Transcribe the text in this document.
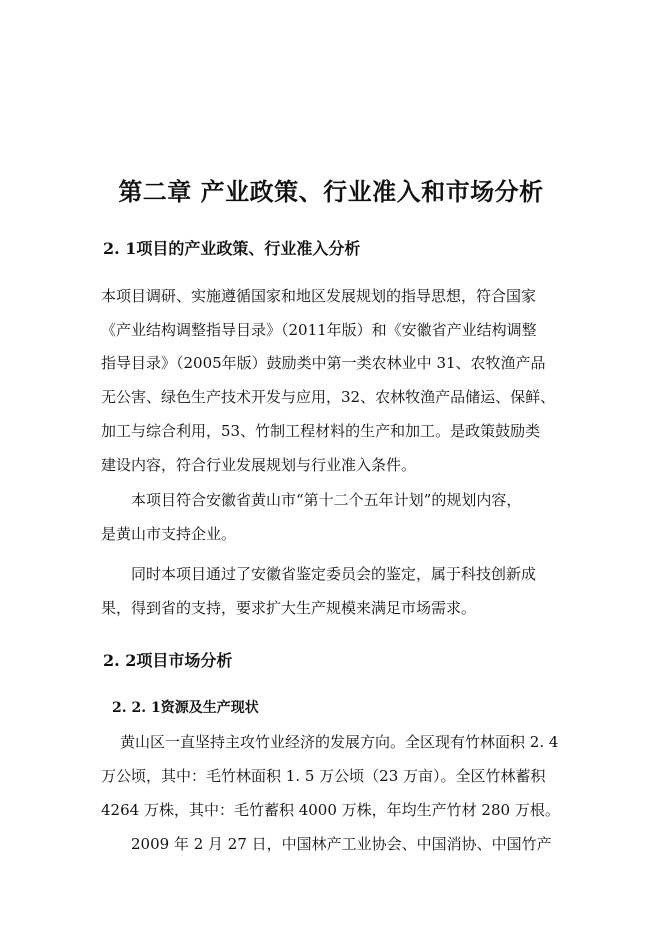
第二章 产业政策、行业准入和市场分析
2. 1项目的产业政策、行业准入分析
本项目调研、实施遵循国家和地区发展规划的指导思想，符合国家
《产业结构调整指导目录》（2011年版）和《安徽省产业结构调整
指导目录》（2005年版）鼓励类中第一类农林业中 31、农牧渔产品
无公害、绿色生产技术开发与应用，32、农林牧渔产品储运、保鲜、
加工与综合利用，53、竹制工程材料的生产和加工。是政策鼓励类
建设内容，符合行业发展规划与行业准入条件。
本项目符合安徽省黄山市“第十二个五年计划”的规划内容，
是黄山市支持企业。
同时本项目通过了安徽省鉴定委员会的鉴定，属于科技创新成
果，得到省的支持，要求扩大生产规模来满足市场需求。
2. 2项目市场分析
2. 2. 1资源及生产现状
黄山区一直坚持主攻竹业经济的发展方向。全区现有竹林面积 2. 4
万公顷，其中：毛竹林面积 1. 5 万公顷（23 万亩）。全区竹林蓄积
4264 万株，其中：毛竹蓄积 4000 万株，年均生产竹材 280 万根。
2009 年 2 月 27 日，中国林产工业协会、中国消协、中国竹产
